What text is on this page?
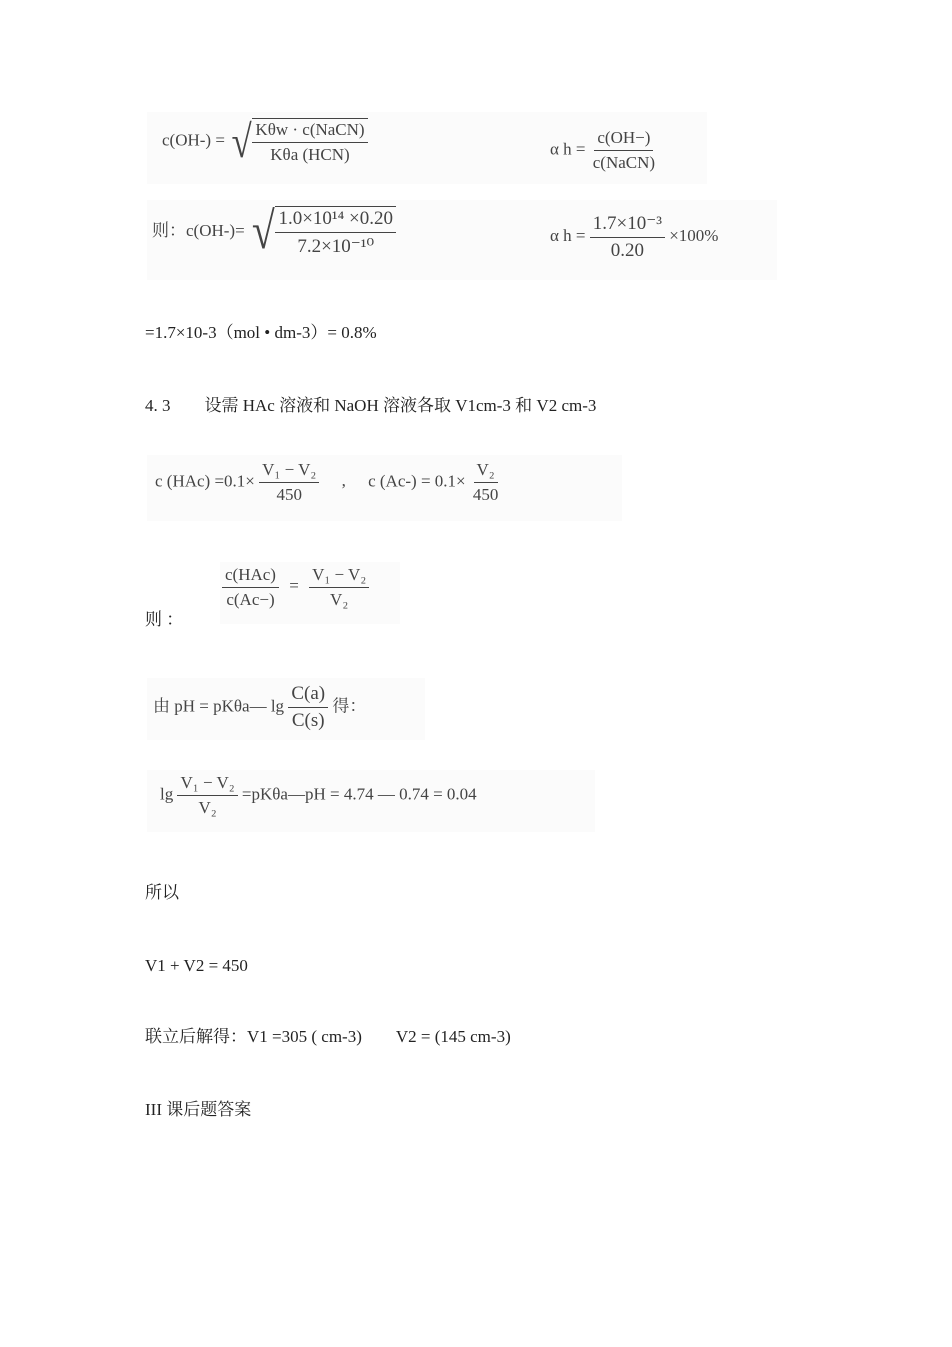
c(OH-) = √ $\frac{\text{Kθw · c(NaCN)}}{\text{Kθa (HCN)}}$	α $h = \frac{c(OH-)}{\text{c(NaCN)}}$
则：c(OH-)= √ $\frac{\text{1.0×10¹⁴ ×0.20}}{\text{7.2×10⁻¹⁰}}$	α $h = \frac{\text{1.7×10⁻³}}{0.20} \times 100\%$
=1.7×10-3（mol • dm-3）= 0.8%
4. 3　　设需 HAc 溶液和 NaOH 溶液各取 V1cm-3 和 V2 cm-3
c $(HAc) =0.1\times \frac{\text{V₁ − V₂}}{450}$ , c $(Ac-) = 0.1\times \frac{\text{V₂}}{450}$
则 ：
$\frac{\text{c(HAc)}}{c(Ac-)} = \frac{\text{V₁ − V₂}}{\text{V₂}}$
由 pH = pKθa— $\lg \frac{C(a)}{C(s)}$ 得：
$\lg \frac{\text{V₁ − V₂}}{\text{V₂}}$ =pKθa—pH = 4.74 — 0.74 = 0.04
所以
V1 + V2 = 450
联立后解得：V1 =305 ( cm-3)　　V2 = (145 cm-3)
III 课后题答案
